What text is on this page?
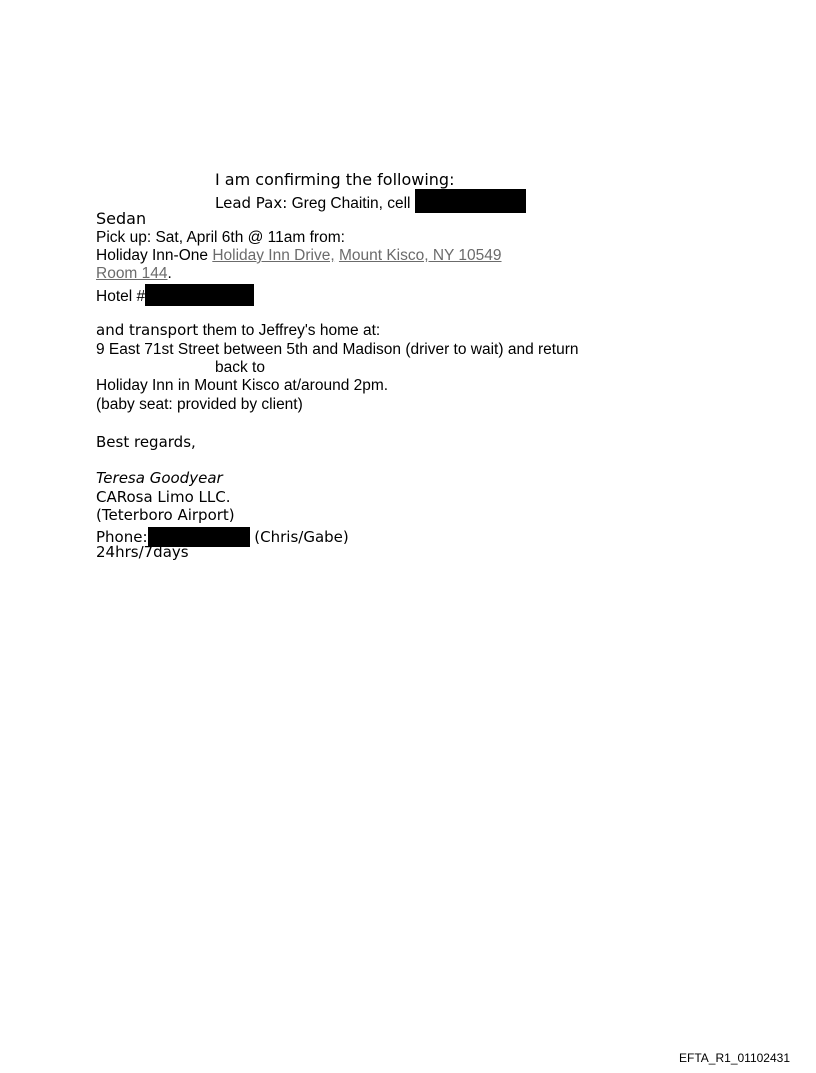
I am confirming the following:
Lead Pax: Greg Chaitin, cell
Sedan
Pick up: Sat, April 6th @ 11am from:
Holiday Inn-One Holiday Inn Drive, Mount Kisco, NY 10549
Room 144.
Hotel #
and transport them to Jeffrey's home at:
9 East 71st Street between 5th and Madison (driver to wait) and return
back to
Holiday Inn in Mount Kisco at/around 2pm.
(baby seat: provided by client)
Best regards,
Teresa Goodyear
CARosa Limo LLC.
(Teterboro Airport)
Phone:	(Chris/Gabe)
24hrs/7days
EFTA_R1_01102431
